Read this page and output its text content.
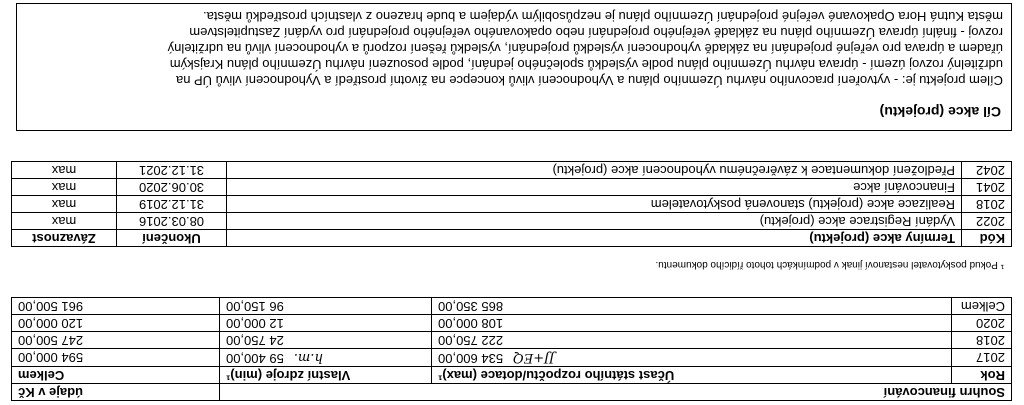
Souhrn financování			údaje v Kč
Rok	Účast státního rozpočtu/dotace (max)¹	Vlastní zdroje (min)¹	Celkem
2017	JJ+EQ534 600,00	h.m.59 400,00	594 000,00
2018	222 750,00	24 750,00	247 500,00
2020	108 000,00	12 000,00	120 000,00
Celkem	865 350,00	96 150,00	961 500,00
¹ Pokud poskytovatel nestanoví jinak v podmínkách tohoto řídicího dokumentu.
Kód	Termíny akce (projektu)	Ukončení	Závaznost
2022	Vydání Registrace akce (projektu)	08.03.2016	max
2018	Realizace akce (projektu) stanovená poskytovatelem	31.12.2019	max
2041	Financování akce	30.06.2020	max
2042	Předložení dokumentace k závěrečnému vyhodnocení akce (projektu)	31.12.2021	max
Cíl akce (projektu)
Cílem projektu je: - vytvoření pracovního návrhu Územního plánu a Vyhodnocení vlivů koncepce na životní prostředí a Vyhodnocení vlivů ÚP na
udržitelný rozvoj území - úprava návrhu Územního plánu podle výsledků společného jednání, podle posouzení návrhu Územního plánu Krajským
úřadem a úprava pro veřejné projednání na základě vyhodnocení výsledků projednání, výsledků řešení rozporů a vyhodnocení vlivů na udržitelný
rozvoj - finální úprava Územního plánu na základě veřejného projednání nebo opakovaného veřejného projednání pro vydání Zastupitelstvem
města Kutná Hora Opakované veřejné projednání Územního plánu je nezpůsobilým výdajem a bude hrazeno z vlastních prostředků města.
